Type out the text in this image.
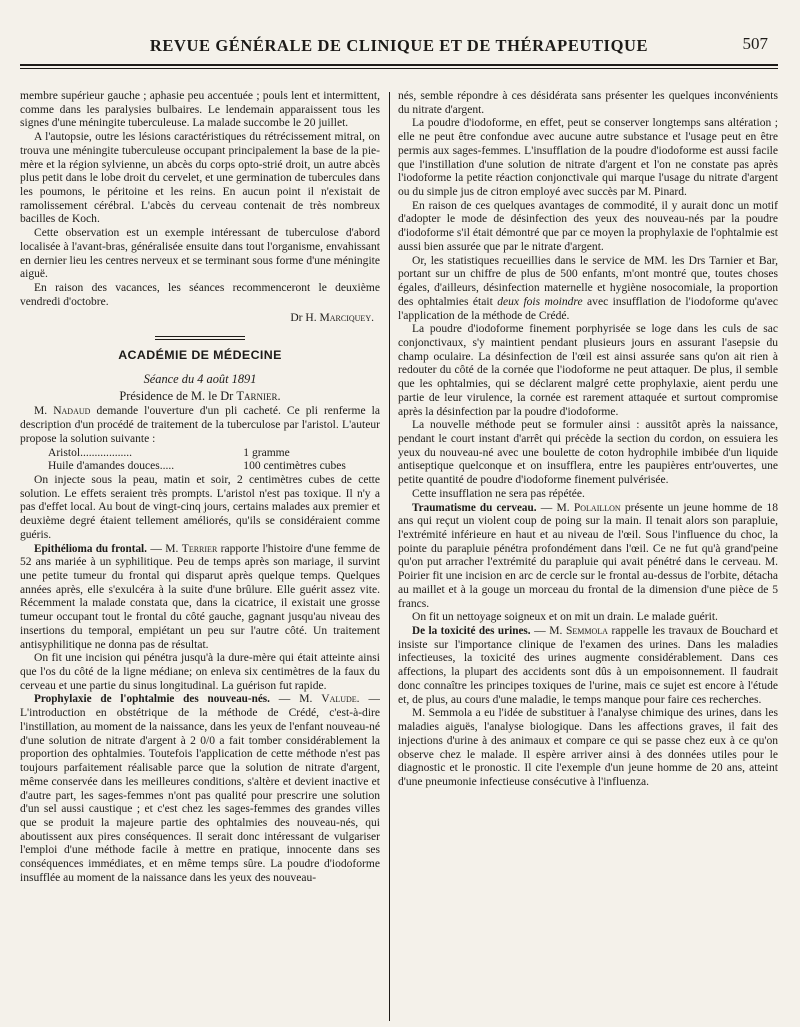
REVUE GÉNÉRALE DE CLINIQUE ET DE THÉRAPEUTIQUE	507

membre supérieur gauche ; aphasie peu accentuée ; pouls lent et intermittent, comme dans les paralysies bulbaires. Le lendemain apparaissent tous les signes d'une méningite tuberculeuse. La malade succombe le 20 juillet.

A l'autopsie, outre les lésions caractéristiques du rétrécissement mitral, on trouva une méningite tuberculeuse occupant principalement la base de la pie-mère et la région sylvienne, un abcès du corps opto-strié droit, un autre abcès plus petit dans le lobe droit du cervelet, et une germination de tubercules dans les poumons, le péritoine et les reins. En aucun point il n'existait de ramolissement cérébral. L'abcès du cerveau contenait de très nombreux bacilles de Koch.

Cette observation est un exemple intéressant de tuberculose d'abord localisée à l'avant-bras, généralisée ensuite dans tout l'organisme, envahissant en dernier lieu les centres nerveux et se terminant sous forme d'une méningite aiguë.

En raison des vacances, les séances recommenceront le deuxième vendredi d'octobre.

Dr H. Marciquey.
ACADÉMIE DE MÉDECINE
Séance du 4 août 1891
Présidence de M. le Dr Tarnier.

M. Nadaud demande l'ouverture d'un pli cacheté. Ce pli renferme la description d'un procédé de traitement de la tuberculose par l'aristol. L'auteur propose la solution suivante :

Aristol..................	1 gramme
Huile d'amandes douces.....	100 centimètres cubes

On injecte sous la peau, matin et soir, 2 centimètres cubes de cette solution. Le effets seraient très prompts. L'aristol n'est pas toxique. Il n'y a pas d'effet local. Au bout de vingt-cinq jours, certains malades aux premier et deuxième degré étaient tellement améliorés, qu'ils se considéraient comme guéris.

Epithélioma du frontal. — M. Terrier rapporte l'histoire d'une femme de 52 ans mariée à un syphilitique. Peu de temps après son mariage, il survint une petite tumeur du frontal qui disparut après quelque temps. Quelques années après, elle s'exulcéra à la suite d'une brûlure. Elle guérit assez vite. Récemment la malade constata que, dans la cicatrice, il existait une grosse tumeur occupant tout le frontal du côté gauche, gagnant jusqu'au niveau des insertions du temporal, empiétant un peu sur l'autre côté. Un traitement antisyphilitique ne donna pas de résultat.

On fit une incision qui pénétra jusqu'à la dure-mère qui était atteinte ainsi que l'os du côté de la ligne médiane; on enleva six centimètres de la faux du cerveau et une partie du sinus longitudinal. La guérison fut rapide.

Prophylaxie de l'ophtalmie des nouveau-nés. — M. Valude. — L'introduction en obstétrique de la méthode de Crédé, c'est-à-dire l'instillation, au moment de la naissance, dans les yeux de l'enfant nouveau-né d'une solution de nitrate d'argent à 2 0/0 a fait tomber considérablement la proportion des ophtalmies. Toutefois l'application de cette méthode n'est pas toujours parfaitement réalisable parce que la solution de nitrate d'argent, même conservée dans les meilleures conditions, s'altère et devient inactive et d'autre part, les sages-femmes n'ont pas qualité pour prescrire une solution d'un sel aussi caustique ; et c'est chez les sages-femmes des grandes villes que se produit la majeure partie des ophtalmies des nouveau-nés, qui aboutissent aux pires conséquences. Il serait donc intéressant de vulgariser l'emploi d'une méthode facile à mettre en pratique, innocente dans ses conséquences immédiates, et en même temps sûre. La poudre d'iodoforme insufflée au moment de la naissance dans les yeux des nouveau-

nés, semble répondre à ces désidérata sans présenter les quelques inconvénients du nitrate d'argent.

La poudre d'iodoforme, en effet, peut se conserver longtemps sans altération ; elle ne peut être confondue avec aucune autre substance et l'usage peut en être permis aux sages-femmes. L'insufflation de la poudre d'iodoforme est aussi facile que l'instillation d'une solution de nitrate d'argent et l'on ne constate pas après l'iodoforme la petite réaction conjonctivale qui marque l'usage du nitrate d'argent ou du simple jus de citron employé avec succès par M. Pinard.

En raison de ces quelques avantages de commodité, il y aurait donc un motif d'adopter le mode de désinfection des yeux des nouveau-nés par la poudre d'iodoforme s'il était démontré que par ce moyen la prophylaxie de l'ophtalmie est aussi bien assurée que par le nitrate d'argent.

Or, les statistiques recueillies dans le service de MM. les Drs Tarnier et Bar, portant sur un chiffre de plus de 500 enfants, m'ont montré que, toutes choses égales, d'ailleurs, désinfection maternelle et hygiène nosocomiale, la proportion des ophtalmies était deux fois moindre avec insufflation de l'iodoforme qu'avec l'application de la méthode de Crédé.

La poudre d'iodoforme finement porphyrisée se loge dans les culs de sac conjonctivaux, s'y maintient pendant plusieurs jours en assurant l'asepsie du champ oculaire. La désinfection de l'œil est ainsi assurée sans qu'on ait rien à redouter du côté de la cornée que l'iodoforme ne peut attaquer. De plus, il semble que les ophtalmies, qui se déclarent malgré cette prophylaxie, aient perdu une partie de leur virulence, la cornée est rarement attaquée et surtout compromise après la désinfection par la poudre d'iodoforme.

La nouvelle méthode peut se formuler ainsi : aussitôt après la naissance, pendant le court instant d'arrêt qui précède la section du cordon, on essuiera les yeux du nouveau-né avec une boulette de coton hydrophile imbibée d'un liquide antiseptique quelconque et on insufflera, entre les paupières entr'ouvertes, une petite quantité de poudre d'iodoforme finement pulvérisée.

Cette insufflation ne sera pas répétée.

Traumatisme du cerveau. — M. Polaillon présente un jeune homme de 18 ans qui reçut un violent coup de poing sur la main. Il tenait alors son parapluie, l'extrémité inférieure en haut et au niveau de l'œil. Sous l'influence du choc, la pointe du parapluie pénétra profondément dans l'œil. Ce ne fut qu'à grand'peine qu'on put arracher l'extrémité du parapluie qui avait pénétré dans le cerveau. M. Poirier fit une incision en arc de cercle sur le frontal au-dessus de l'orbite, détacha au maillet et à la gouge un morceau du frontal de la dimension d'une pièce de 5 francs.

On fit un nettoyage soigneux et on mit un drain. Le malade guérit.

De la toxicité des urines. — M. Semmola rappelle les travaux de Bouchard et insiste sur l'importance clinique de l'examen des urines. Dans les maladies infectieuses, la toxicité des urines augmente considérablement. Dans ces affections, la plupart des accidents sont dûs à un empoisonnement. Il faudrait donc connaître les principes toxiques de l'urine, mais ce sujet est encore à l'étude et, de plus, au cours d'une maladie, le temps manque pour faire ces recherches.

M. Semmola a eu l'idée de substituer à l'analyse chimique des urines, dans les maladies aiguës, l'analyse biologique. Dans les affections graves, il fait des injections d'urine à des animaux et compare ce qui se passe chez eux à ce qu'on observe chez le malade. Il espère arriver ainsi à des données utiles pour le diagnostic et le pronostic. Il cite l'exemple d'un jeune homme de 20 ans, atteint d'une pneumonie infectieuse consécutive à l'influenza.
